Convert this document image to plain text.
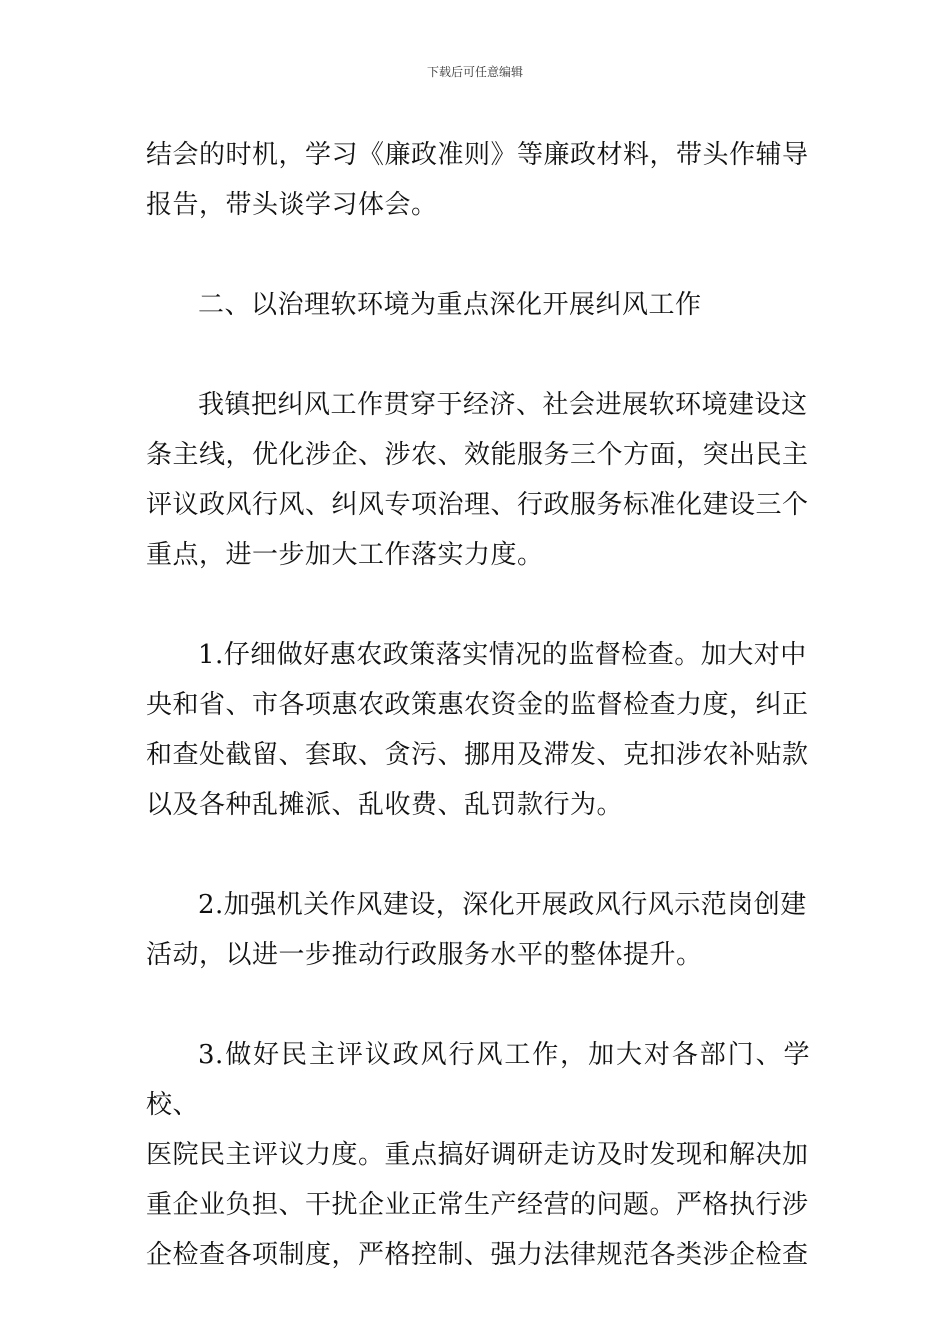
下载后可任意编辑
结会的时机，学习《廉政准则》等廉政材料，带头作辅导
报告，带头谈学习体会。
二、以治理软环境为重点深化开展纠风工作
我镇把纠风工作贯穿于经济、社会进展软环境建设这
条主线，优化涉企、涉农、效能服务三个方面，突出民主
评议政风行风、纠风专项治理、行政服务标准化建设三个
重点，进一步加大工作落实力度。
1.仔细做好惠农政策落实情况的监督检查。加大对中
央和省、市各项惠农政策惠农资金的监督检查力度，纠正
和查处截留、套取、贪污、挪用及滞发、克扣涉农补贴款
以及各种乱摊派、乱收费、乱罚款行为。
2.加强机关作风建设，深化开展政风行风示范岗创建
活动，以进一步推动行政服务水平的整体提升。
3.做好民主评议政风行风工作，加大对各部门、学校、
医院民主评议力度。重点搞好调研走访及时发现和解决加
重企业负担、干扰企业正常生产经营的问题。严格执行涉
企检查各项制度，严格控制、强力法律规范各类涉企检查
